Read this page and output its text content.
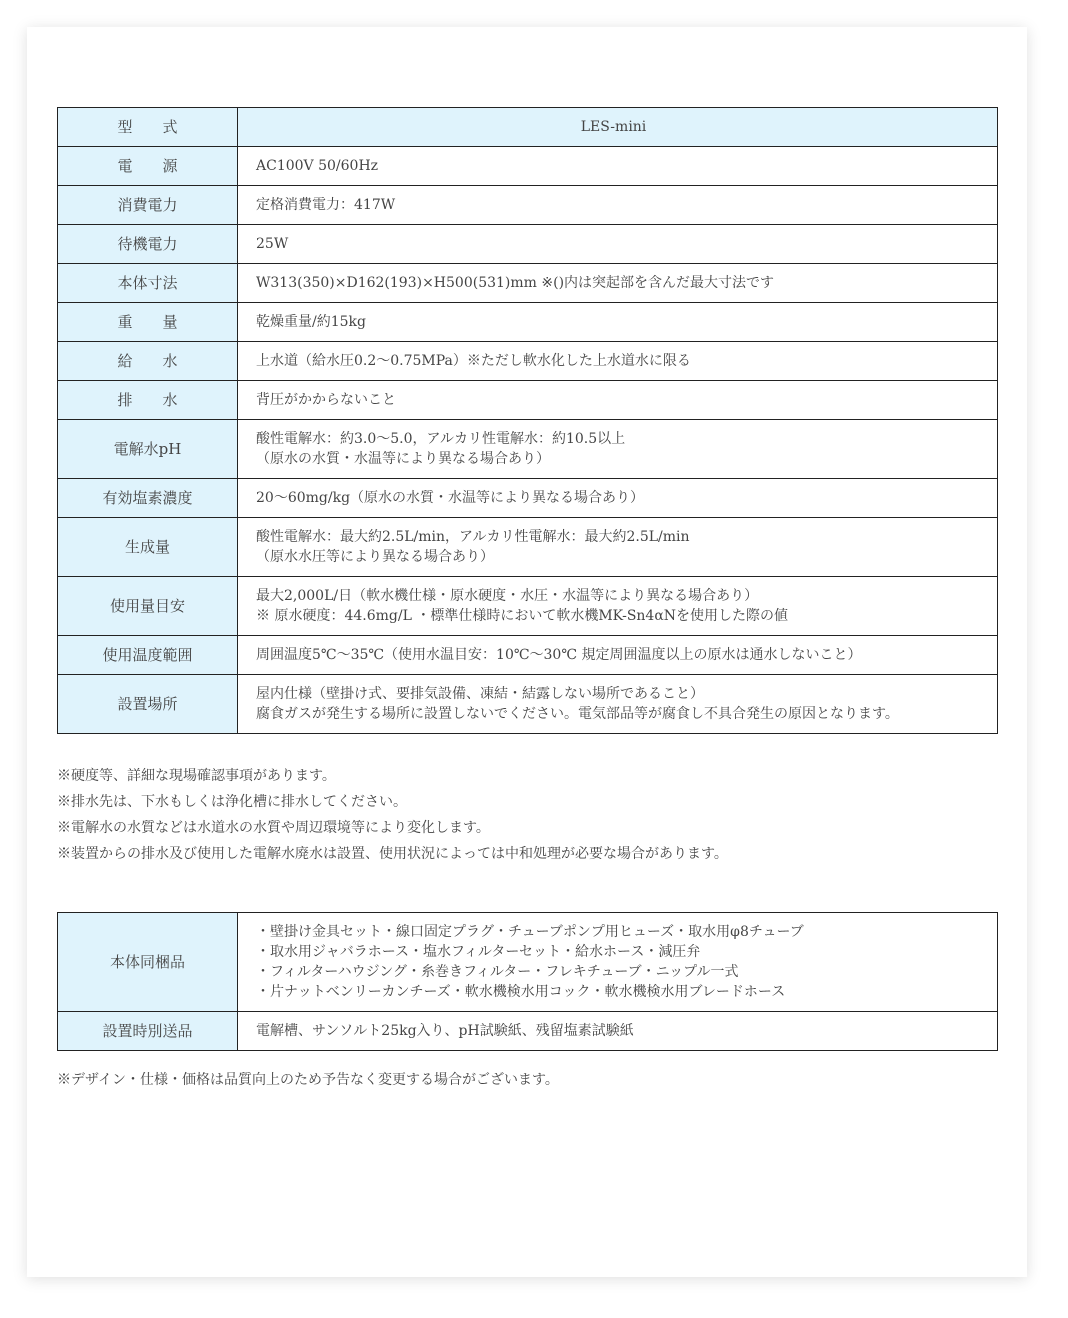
型　　式	LES-mini

電　　源	AC100V 50/60Hz

消費電力	定格消費電力：417W

待機電力	25W

本体寸法	W313(350)×D162(193)×H500(531)mm ※()内は突起部を含んだ最大寸法です

重　　量	乾燥重量/約15kg

給　　水	上水道（給水圧0.2～0.75MPa）※ただし軟水化した上水道水に限る

排　　水	背圧がかからないこと

電解水pH	酸性電解水：約3.0～5.0，アルカリ性電解水：約10.5以上
（原水の水質・水温等により異なる場合あり）

有効塩素濃度	20～60mg/kg（原水の水質・水温等により異なる場合あり）

生成量	酸性電解水：最大約2.5L/min，アルカリ性電解水：最大約2.5L/min
（原水水圧等により異なる場合あり）

使用量目安	最大2,000L/日（軟水機仕様・原水硬度・水圧・水温等により異なる場合あり）
※ 原水硬度：44.6mg/L ・標準仕様時において軟水機MK-Sn4αNを使用した際の値

使用温度範囲	周囲温度5℃～35℃（使用水温目安：10℃～30℃ 規定周囲温度以上の原水は通水しないこと）

設置場所	屋内仕様（壁掛け式、要排気設備、凍結・結露しない場所であること）
腐食ガスが発生する場所に設置しないでください。電気部品等が腐食し不具合発生の原因となります。
※硬度等、詳細な現場確認事項があります。
※排水先は、下水もしくは浄化槽に排水してください。
※電解水の水質などは水道水の水質や周辺環境等により変化します。
※装置からの排水及び使用した電解水廃水は設置、使用状況によっては中和処理が必要な場合があります。
本体同梱品	・壁掛け金具セット・線口固定プラグ・チューブポンプ用ヒューズ・取水用φ8チューブ
・取水用ジャバラホース・塩水フィルターセット・給水ホース・減圧弁
・フィルターハウジング・糸巻きフィルター・フレキチューブ・ニップル一式
・片ナットベンリーカンチーズ・軟水機検水用コック・軟水機検水用ブレードホース

設置時別送品	電解槽、サンソルト25kg入り、pH試験紙、残留塩素試験紙
※デザイン・仕様・価格は品質向上のため予告なく変更する場合がございます。
